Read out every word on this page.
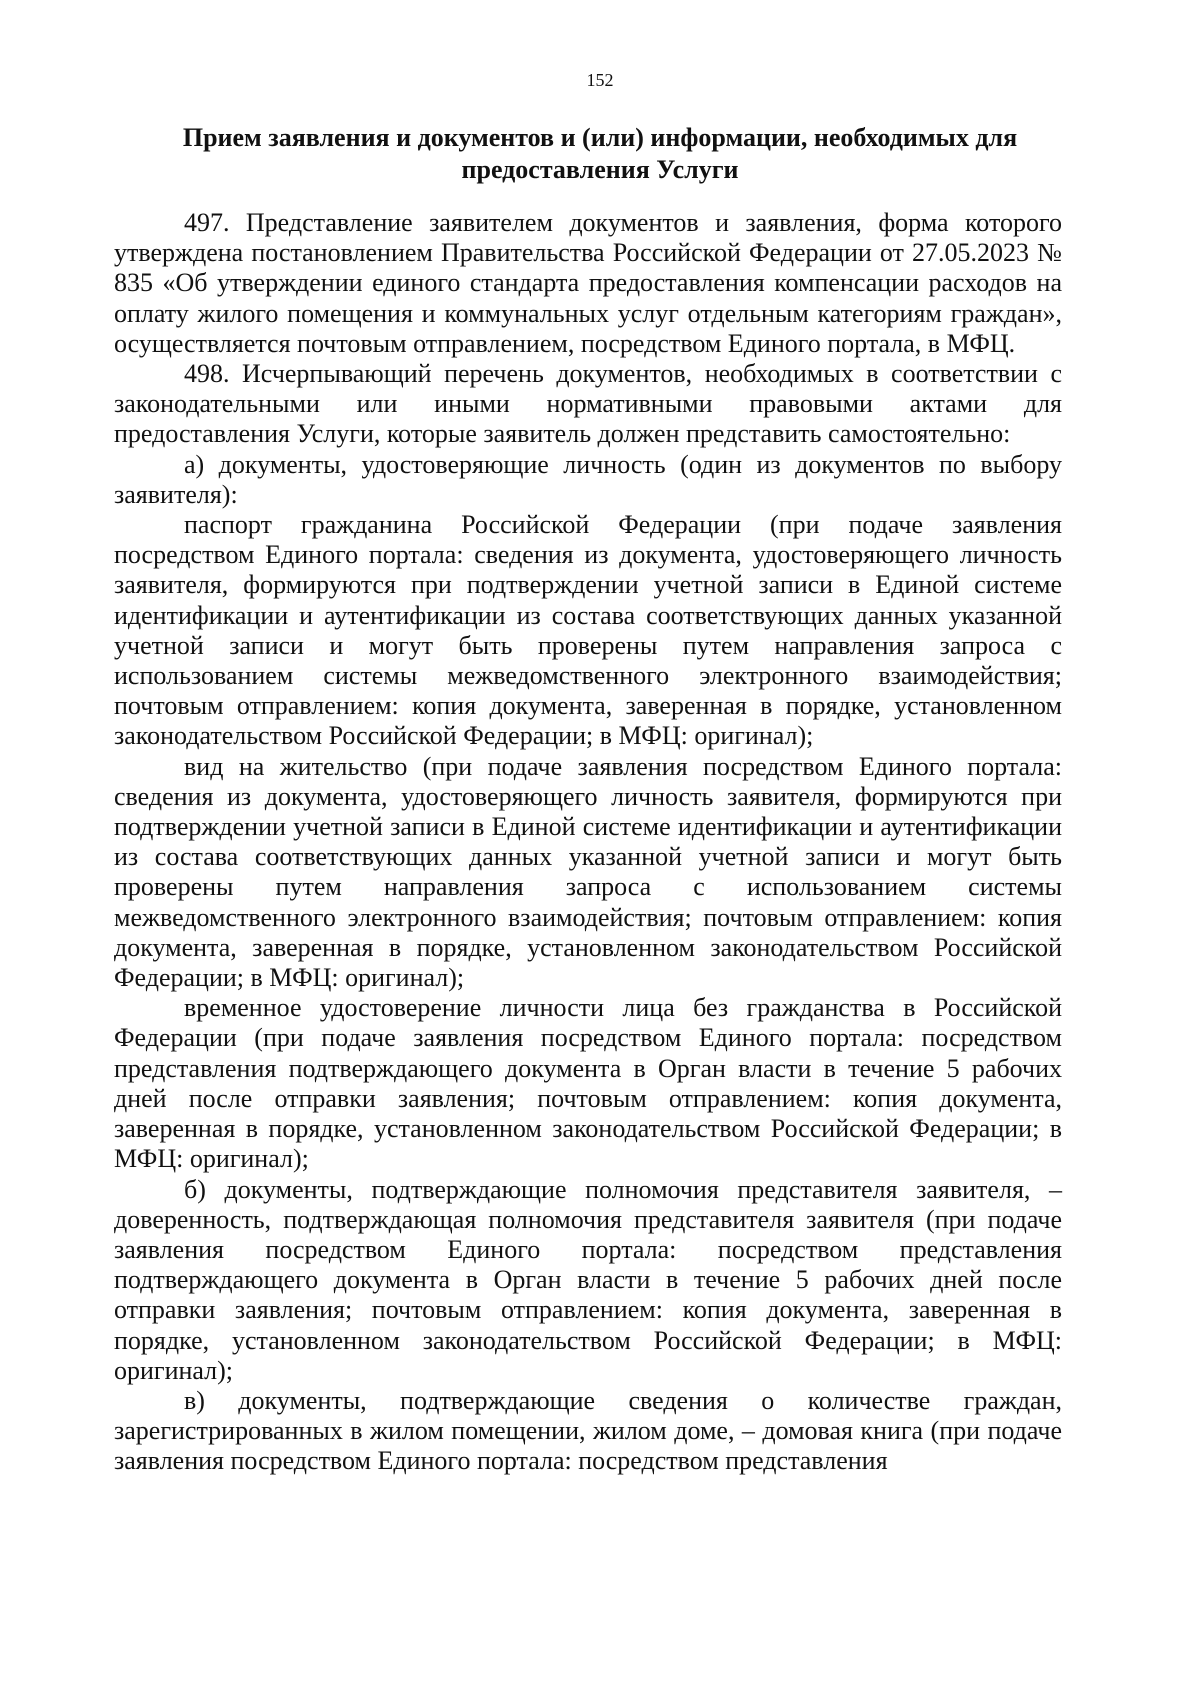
152
Прием заявления и документов и (или) информации, необходимых для
предоставления Услуги

497. Представление заявителем документов и заявления, форма которого утверждена постановлением Правительства Российской Федерации от 27.05.2023 № 835 «Об утверждении единого стандарта предоставления компенсации расходов на оплату жилого помещения и коммунальных услуг отдельным категориям граждан», осуществляется почтовым отправлением, посредством Единого портала, в МФЦ.

498. Исчерпывающий перечень документов, необходимых в соответствии с законодательными или иными нормативными правовыми актами для предоставления Услуги, которые заявитель должен представить самостоятельно:

а) документы, удостоверяющие личность (один из документов по выбору заявителя):

паспорт гражданина Российской Федерации (при подаче заявления посредством Единого портала: сведения из документа, удостоверяющего личность заявителя, формируются при подтверждении учетной записи в Единой системе идентификации и аутентификации из состава соответствующих данных указанной учетной записи и могут быть проверены путем направления запроса с использованием системы межведомственного электронного взаимодействия; почтовым отправлением: копия документа, заверенная в порядке, установленном законодательством Российской Федерации; в МФЦ: оригинал);

вид на жительство (при подаче заявления посредством Единого портала: сведения из документа, удостоверяющего личность заявителя, формируются при подтверждении учетной записи в Единой системе идентификации и аутентификации из состава соответствующих данных указанной учетной записи и могут быть проверены путем направления запроса с использованием системы межведомственного электронного взаимодействия; почтовым отправлением: копия документа, заверенная в порядке, установленном законодательством Российской Федерации; в МФЦ: оригинал);

временное удостоверение личности лица без гражданства в Российской Федерации (при подаче заявления посредством Единого портала: посредством представления подтверждающего документа в Орган власти в течение 5 рабочих дней после отправки заявления; почтовым отправлением: копия документа, заверенная в порядке, установленном законодательством Российской Федерации; в МФЦ: оригинал);

б) документы, подтверждающие полномочия представителя заявителя, – доверенность, подтверждающая полномочия представителя заявителя (при подаче заявления посредством Единого портала: посредством представления подтверждающего документа в Орган власти в течение 5 рабочих дней после отправки заявления; почтовым отправлением: копия документа, заверенная в порядке, установленном законодательством Российской Федерации; в МФЦ: оригинал);

в) документы, подтверждающие сведения о количестве граждан, зарегистрированных в жилом помещении, жилом доме, – домовая книга (при подаче заявления посредством Единого портала: посредством представления
